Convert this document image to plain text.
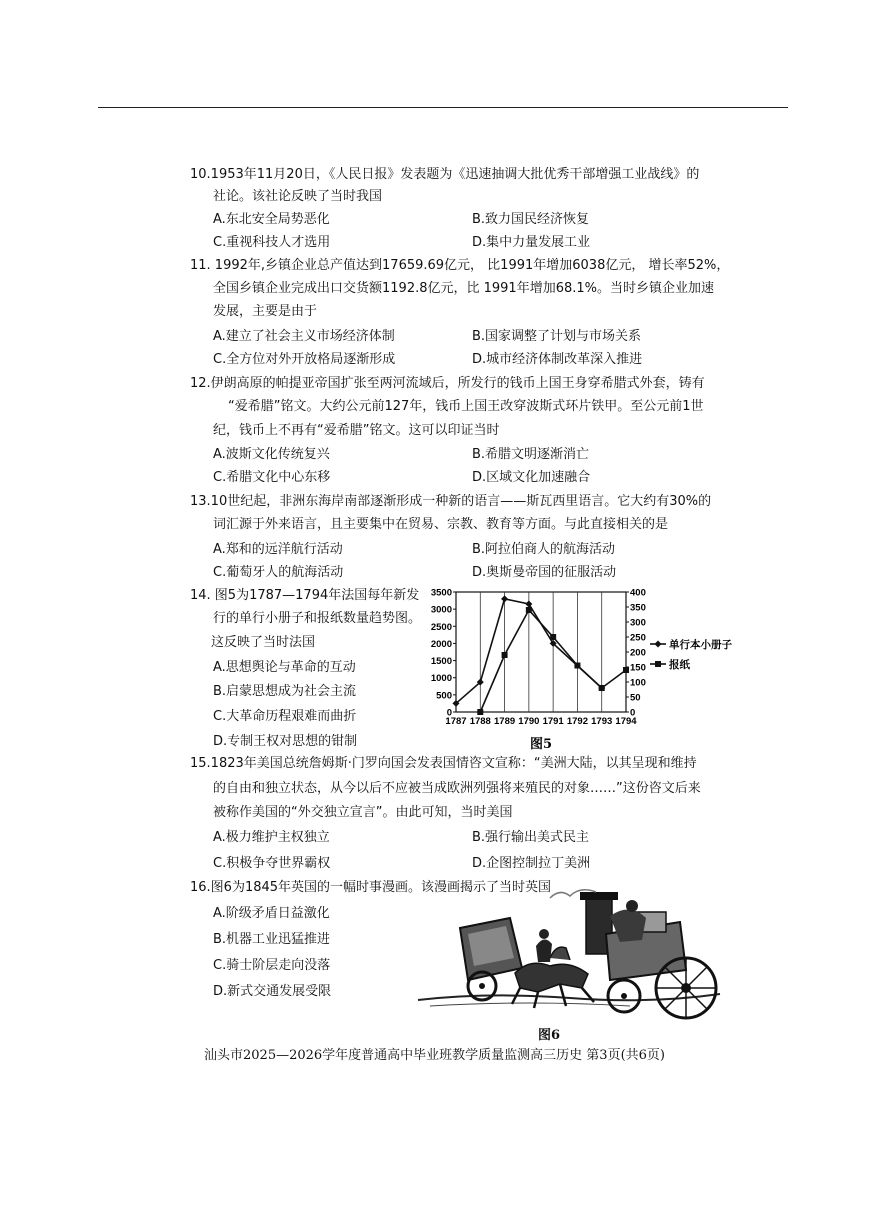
10.1953年11月20日，《人民日报》发表题为《迅速抽调大批优秀干部增强工业战线》的
社论。该社论反映了当时我国
A.东北安全局势恶化	B.致力国民经济恢复
C.重视科技人才选用	D.集中力量发展工业
11. 1992年,乡镇企业总产值达到17659.69亿元， 比1991年增加6038亿元， 增长率52%，
全国乡镇企业完成出口交货额1192.8亿元，比 1991年增加68.1%。当时乡镇企业加速
发展，主要是由于
A.建立了社会主义市场经济体制	B.国家调整了计划与市场关系
C.全方位对外开放格局逐渐形成	D.城市经济体制改革深入推进
12.伊朗高原的帕提亚帝国扩张至两河流域后，所发行的钱币上国王身穿希腊式外套，铸有
“爱希腊”铭文。大约公元前127年，钱币上国王改穿波斯式环片铁甲。至公元前1世
纪，钱币上不再有“爱希腊”铭文。这可以印证当时
A.波斯文化传统复兴	B.希腊文明逐渐消亡
C.希腊文化中心东移	D.区域文化加速融合
13.10世纪起，非洲东海岸南部逐渐形成一种新的语言——斯瓦西里语言。它大约有30%的
词汇源于外来语言，且主要集中在贸易、宗教、教育等方面。与此直接相关的是
A.郑和的远洋航行活动	B.阿拉伯商人的航海活动
C.葡萄牙人的航海活动	D.奥斯曼帝国的征服活动
14. 图5为1787—1794年法国每年新发
行的单行小册子和报纸数量趋势图。
这反映了当时法国
A.思想舆论与革命的互动
B.启蒙思想成为社会主流
C.大革命历程艰难而曲折
D.专制王权对思想的钳制
15.1823年美国总统詹姆斯·门罗向国会发表国情咨文宣称：“美洲大陆，以其呈现和维持
的自由和独立状态，从今以后不应被当成欧洲列强将来殖民的对象……”这份咨文后来
被称作美国的“外交独立宣言”。由此可知，当时美国
A.极力维护主权独立	B.强行输出美式民主
C.积极争夺世界霸权	D.企图控制拉丁美洲
16.图6为1845年英国的一幅时事漫画。该漫画揭示了当时英国
A.阶级矛盾日益激化
B.机器工业迅猛推进
C.骑士阶层走向没落
D.新式交通发展受限
0
500
1000
1500
2000
2500
3000
3500
0
50
100
150
200
250
300
350
400
1787 1788 1789 1790 1791 1792 1793 1794
单行本小册子
报纸
图5
图6
汕头市2025—2026学年度普通高中毕业班教学质量监测高三历史 第3页(共6页)
